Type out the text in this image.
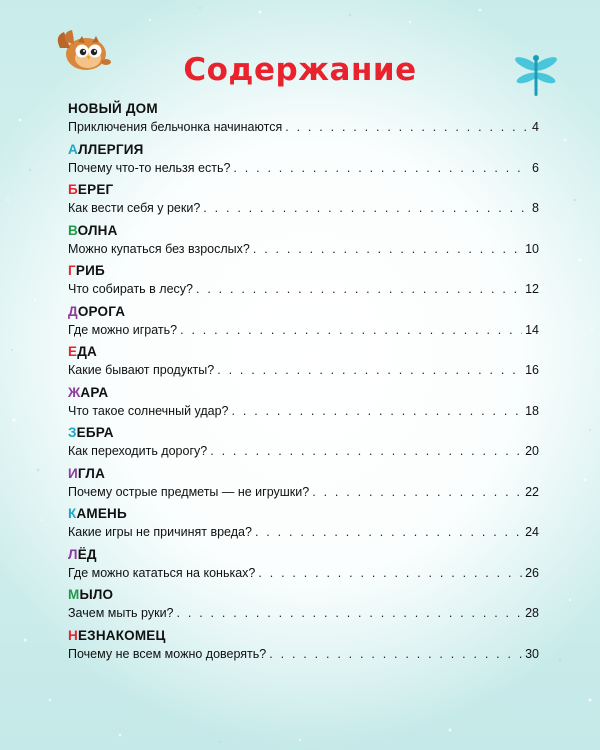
Содержание
НОВЫЙ ДОМ
Приключения бельчонка начинаются . . .	4
АЛЛЕРГИЯ
Почему что-то нельзя есть? . . .	6
БЕРЕГ
Как вести себя у реки? . . .	8
ВОЛНА
Можно купаться без взрослых? . . .	10
ГРИБ
Что собирать в лесу? . . .	12
ДОРОГА
Где можно играть? . . .	14
ЕДА
Какие бывают продукты? . . .	16
ЖАРА
Что такое солнечный удар? . . .	18
ЗЕБРА
Как переходить дорогу? . . .	20
ИГЛА
Почему острые предметы — не игрушки? . . .	22
КАМЕНЬ
Какие игры не причинят вреда? . . .	24
ЛЁД
Где можно кататься на коньках? . . .	26
МЫЛО
Зачем мыть руки? . . .	28
НЕЗНАКОМЕЦ
Почему не всем можно доверять? . . .	30
